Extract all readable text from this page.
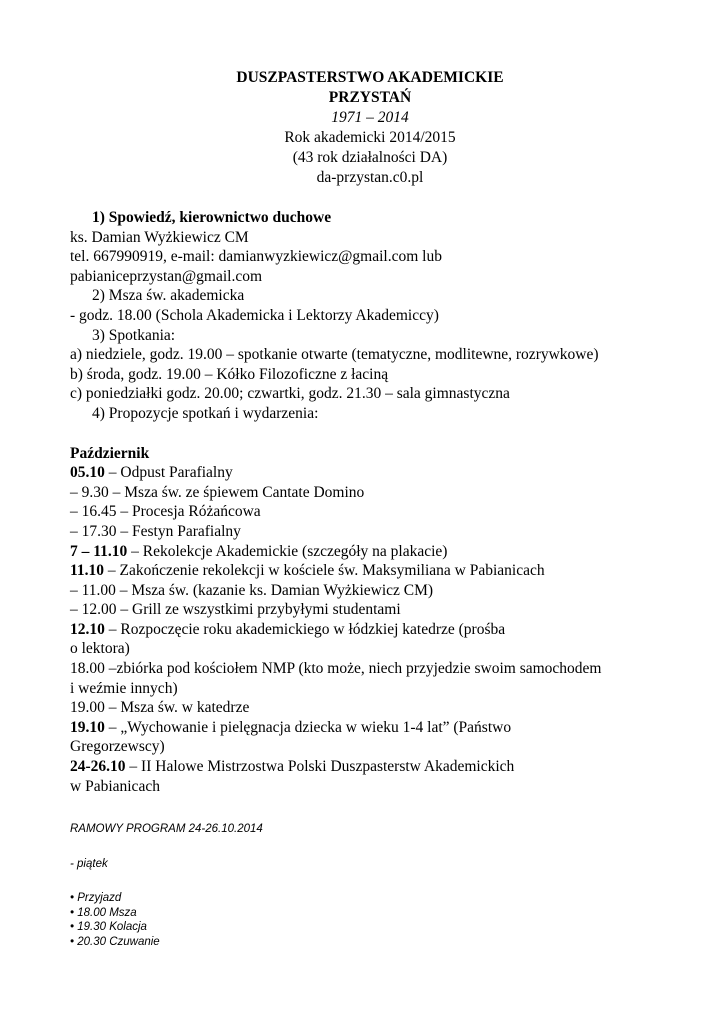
DUSZPASTERSTWO AKADEMICKIE
PRZYSTAŃ
1971 – 2014
Rok akademicki 2014/2015
(43 rok działalności DA)
da-przystan.c0.pl
1) Spowiedź, kierownictwo duchowe
ks. Damian Wyżkiewicz CM
tel. 667990919, e-mail: damianwyzkiewicz@gmail.com lub
pabianiceprzystan@gmail.com
2) Msza św. akademicka
- godz. 18.00 (Schola Akademicka i Lektorzy Akademiccy)
3) Spotkania:
a) niedziele, godz. 19.00 – spotkanie otwarte (tematyczne, modlitewne, rozrywkowe)
b) środa, godz. 19.00 – Kółko Filozoficzne z łaciną
c) poniedziałki godz. 20.00; czwartki, godz. 21.30 – sala gimnastyczna
4) Propozycje spotkań i wydarzenia:
Październik
05.10 – Odpust Parafialny
– 9.30 – Msza św. ze śpiewem Cantate Domino
– 16.45 – Procesja Różańcowa
– 17.30 – Festyn Parafialny
7 – 11.10 – Rekolekcje Akademickie (szczegóły na plakacie)
11.10 – Zakończenie rekolekcji w kościele św. Maksymiliana w Pabianicach
– 11.00 – Msza św. (kazanie ks. Damian Wyżkiewicz CM)
– 12.00 – Grill ze wszystkimi przybyłymi studentami
12.10 – Rozpoczęcie roku akademickiego w łódzkiej katedrze (prośba
o lektora)
18.00 –zbiórka pod kościołem NMP (kto może, niech przyjedzie swoim samochodem
i weźmie innych)
19.00 – Msza św. w katedrze
19.10 – „Wychowanie i pielęgnacja dziecka w wieku 1-4 lat” (Państwo
Gregorzewscy)
24-26.10 – II Halowe Mistrzostwa Polski Duszpasterstw Akademickich
w Pabianicach
RAMOWY PROGRAM 24-26.10.2014
- piątek
• Przyjazd
• 18.00 Msza
• 19.30 Kolacja
• 20.30 Czuwanie
